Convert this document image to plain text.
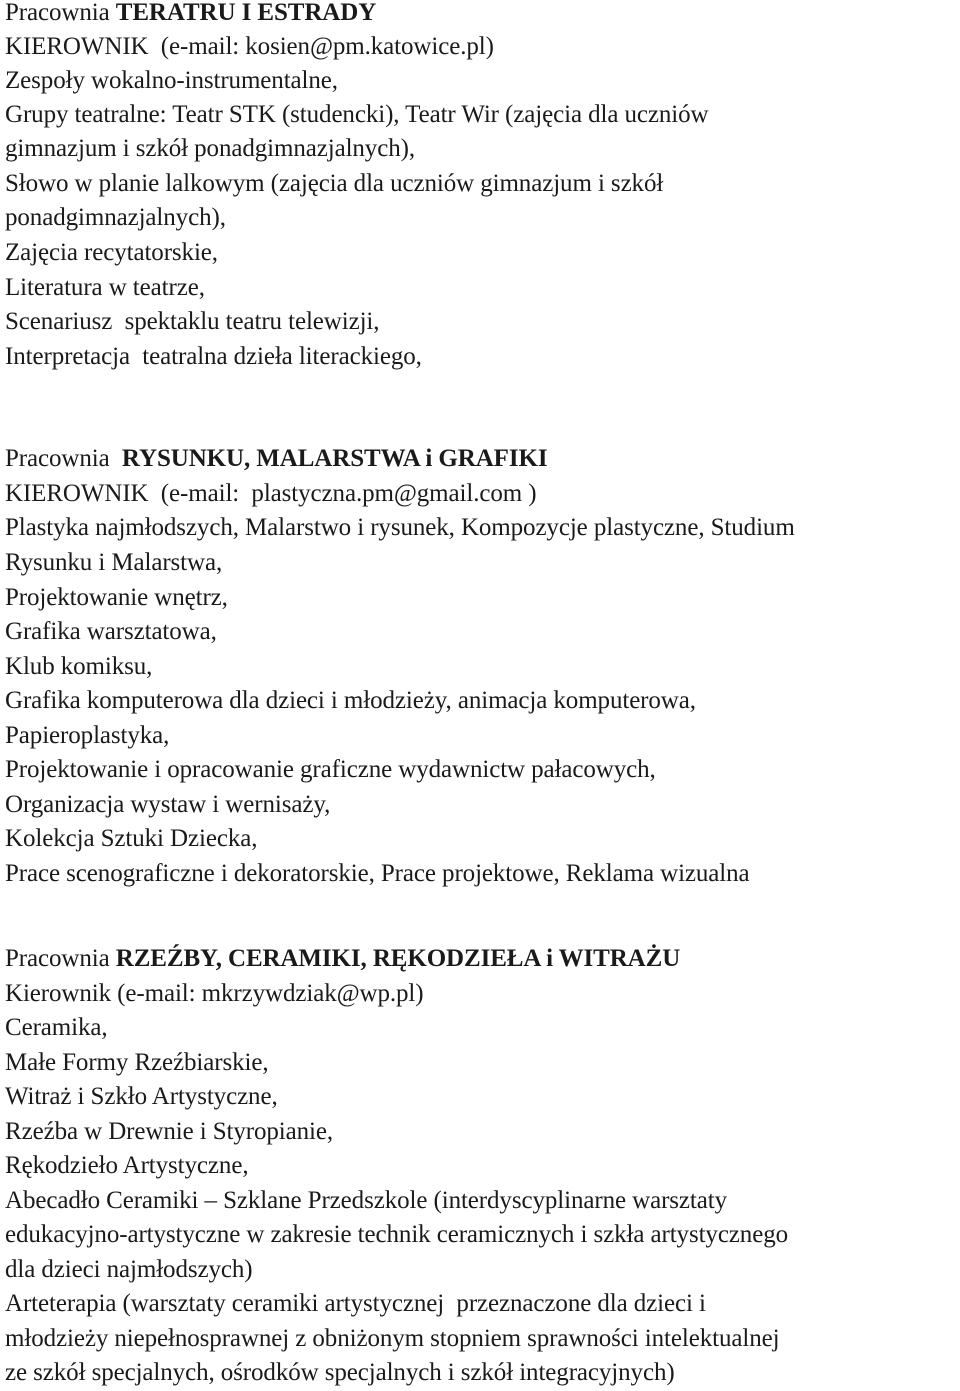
Pracownia TERATRU I ESTRADY
KIEROWNIK  (e-mail: kosien@pm.katowice.pl)
Zespoły wokalno-instrumentalne,
Grupy teatralne: Teatr STK (studencki), Teatr Wir (zajęcia dla uczniów
gimnazjum i szkół ponadgimnazjalnych),
Słowo w planie lalkowym (zajęcia dla uczniów gimnazjum i szkół
ponadgimnazjalnych),
Zajęcia recytatorskie,
Literatura w teatrze,
Scenariusz  spektaklu teatru telewizji,
Interpretacja  teatralna dzieła literackiego,
Pracownia  RYSUNKU, MALARSTWA i GRAFIKI
KIEROWNIK  (e-mail:  plastyczna.pm@gmail.com )
Plastyka najmłodszych, Malarstwo i rysunek, Kompozycje plastyczne, Studium
Rysunku i Malarstwa,
Projektowanie wnętrz,
Grafika warsztatowa,
Klub komiksu,
Grafika komputerowa dla dzieci i młodzieży, animacja komputerowa,
Papieroplastyka,
Projektowanie i opracowanie graficzne wydawnictw pałacowych,
Organizacja wystaw i wernisaży,
Kolekcja Sztuki Dziecka,
Prace scenograficzne i dekoratorskie, Prace projektowe, Reklama wizualna
Pracownia RZEŹBY, CERAMIKI, RĘKODZIEŁA i WITRAŻU
Kierownik (e-mail: mkrzywdziak@wp.pl)
Ceramika,
Małe Formy Rzeźbiarskie,
Witraż i Szkło Artystyczne,
Rzeźba w Drewnie i Styropianie,
Rękodzieło Artystyczne,
Abecadło Ceramiki – Szklane Przedszkole (interdyscyplinarne warsztaty
edukacyjno-artystyczne w zakresie technik ceramicznych i szkła artystycznego
dla dzieci najmłodszych)
Arteterapia (warsztaty ceramiki artystycznej  przeznaczone dla dzieci i
młodzieży niepełnosprawnej z obniżonym stopniem sprawności intelektualnej
ze szkół specjalnych, ośrodków specjalnych i szkół integracyjnych)
